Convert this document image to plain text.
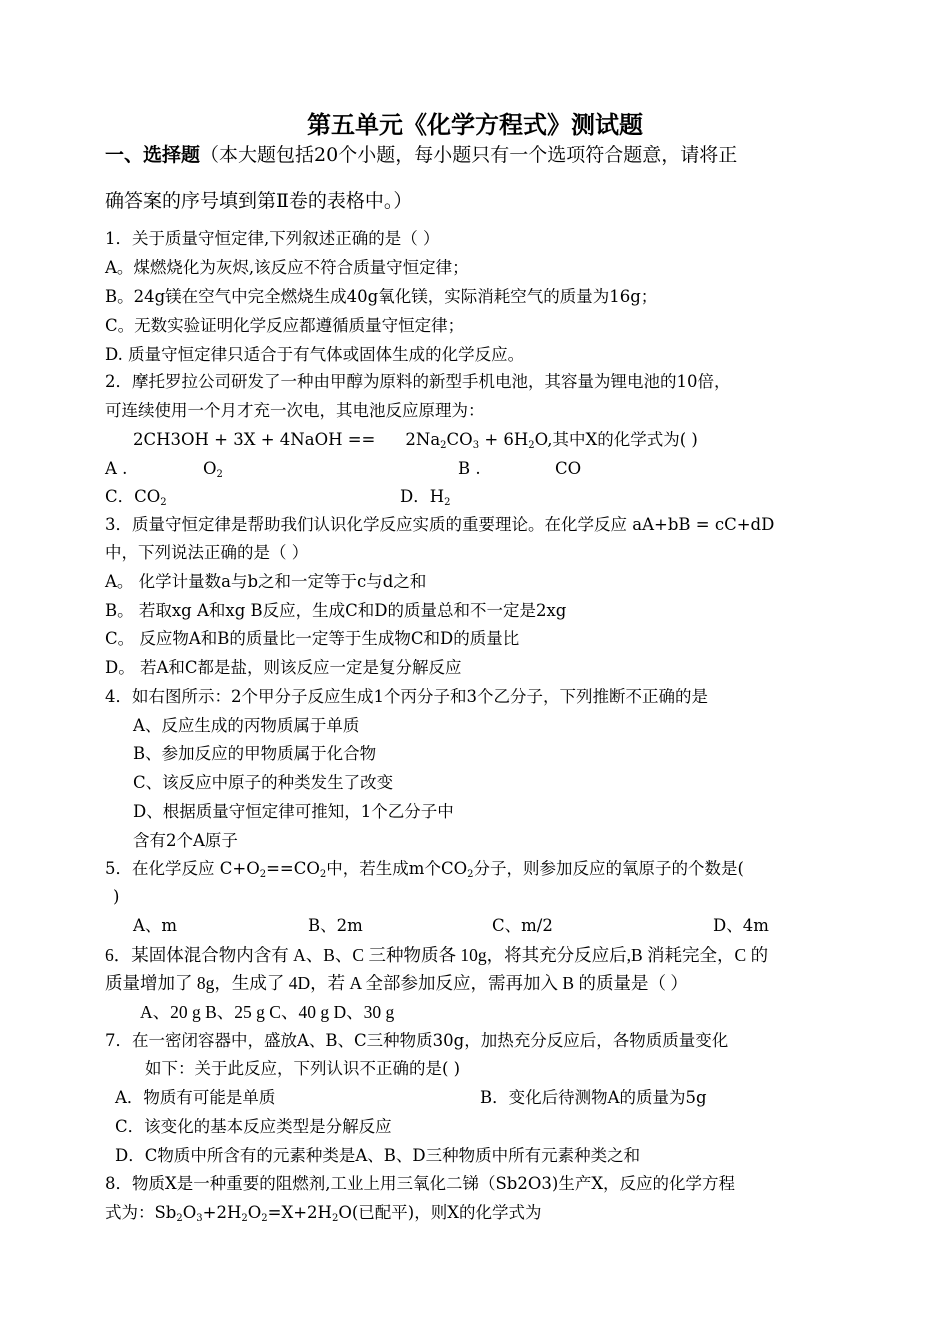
第五单元《化学方程式》测试题
一、选择题（本大题包括20个小题，每小题只有一个选项符合题意，请将正
确答案的序号填到第Ⅱ卷的表格中。）
1．关于质量守恒定律,下列叙述正确的是（ ）
A。煤燃烧化为灰烬,该反应不符合质量守恒定律；
B。24g镁在空气中完全燃烧生成40g氧化镁，实际消耗空气的质量为16g；
C。无数实验证明化学反应都遵循质量守恒定律；
D. 质量守恒定律只适合于有气体或固体生成的化学反应。
2．摩托罗拉公司研发了一种由甲醇为原料的新型手机电池，其容量为锂电池的10倍，
可连续使用一个月才充一次电，其电池反应原理为：
2CH3OH + 3X + 4NaOH == $2Na_2CO_3 + 6H_2O$,其中X的化学式为( )
A .	$O_2$	B .	CO
C．$CO_2$	D．$H_2$
3．质量守恒定律是帮助我们认识化学反应实质的重要理论。在化学反应 aA+bB = cC+dD
中，下列说法正确的是（ ）
A。 化学计量数a与b之和一定等于c与d之和
B。 若取xg A和xg B反应，生成C和D的质量总和不一定是2xg
C。 反应物A和B的质量比一定等于生成物C和D的质量比
D。 若A和C都是盐，则该反应一定是复分解反应
4．如右图所示：2个甲分子反应生成1个丙分子和3个乙分子，下列推断不正确的是
A、反应生成的丙物质属于单质
B、参加反应的甲物质属于化合物
C、该反应中原子的种类发生了改变
D、根据质量守恒定律可推知，1个乙分子中
含有2个A原子
5．在化学反应 $C+O_2==CO_2$中，若生成m个$CO_2$分子，则参加反应的氧原子的个数是(
)
A、m	B、2m	C、m/2	D、4m
6．某固体混合物内含有 A、B、C 三种物质各 10g，将其充分反应后,B 消耗完全，C 的
质量增加了 8g，生成了 4D，若 A 全部参加反应，需再加入 B 的质量是（ ）
A、20 g B、25 g C、40 g D、30 g
7．在一密闭容器中，盛放A、B、C三种物质30g，加热充分反应后，各物质质量变化
如下：关于此反应，下列认识不正确的是( )
A．物质有可能是单质	B．变化后待测物A的质量为5g
C．该变化的基本反应类型是分解反应
D．C物质中所含有的元素种类是A、B、D三种物质中所有元素种类之和
8．物质X是一种重要的阻燃剂,工业上用三氧化二锑（Sb2O3)生产X，反应的化学方程
式为：$Sb_2O_3+2H_2O_2=X+2H_2O$(已配平)，则X的化学式为
